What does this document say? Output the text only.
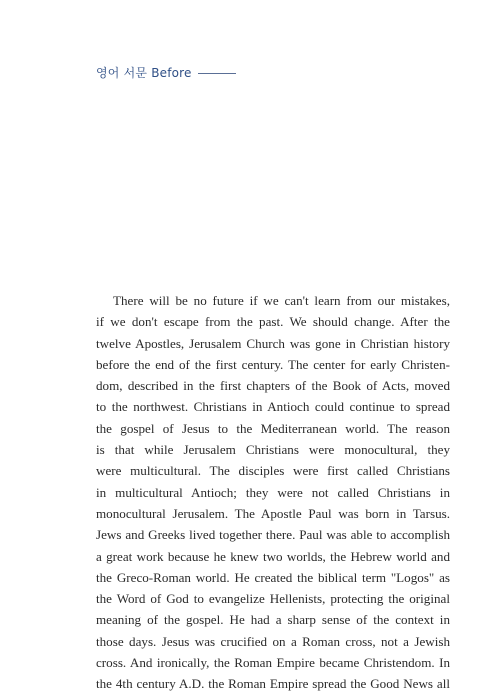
영어 서문 Before
There will be no future if we can't learn from our mistakes,
if we don't escape from the past. We should change. After the
twelve Apostles, Jerusalem Church was gone in Christian history
before the end of the first century. The center for early Christen-
dom, described in the first chapters of the Book of Acts, moved
to the northwest. Christians in Antioch could continue to spread
the gospel of Jesus to the Mediterranean world. The reason
is that while Jerusalem Christians were monocultural, they
were multicultural. The disciples were first called Christians
in multicultural Antioch; they were not called Christians in
monocultural Jerusalem. The Apostle Paul was born in Tarsus.
Jews and Greeks lived together there. Paul was able to accomplish
a great work because he knew two worlds, the Hebrew world and
the Greco-Roman world. He created the biblical term "Logos" as
the Word of God to evangelize Hellenists, protecting the original
meaning of the gospel. He had a sharp sense of the context in
those days. Jesus was crucified on a Roman cross, not a Jewish
cross. And ironically, the Roman Empire became Christendom. In
the 4th century A.D. the Roman Empire spread the Good News all
